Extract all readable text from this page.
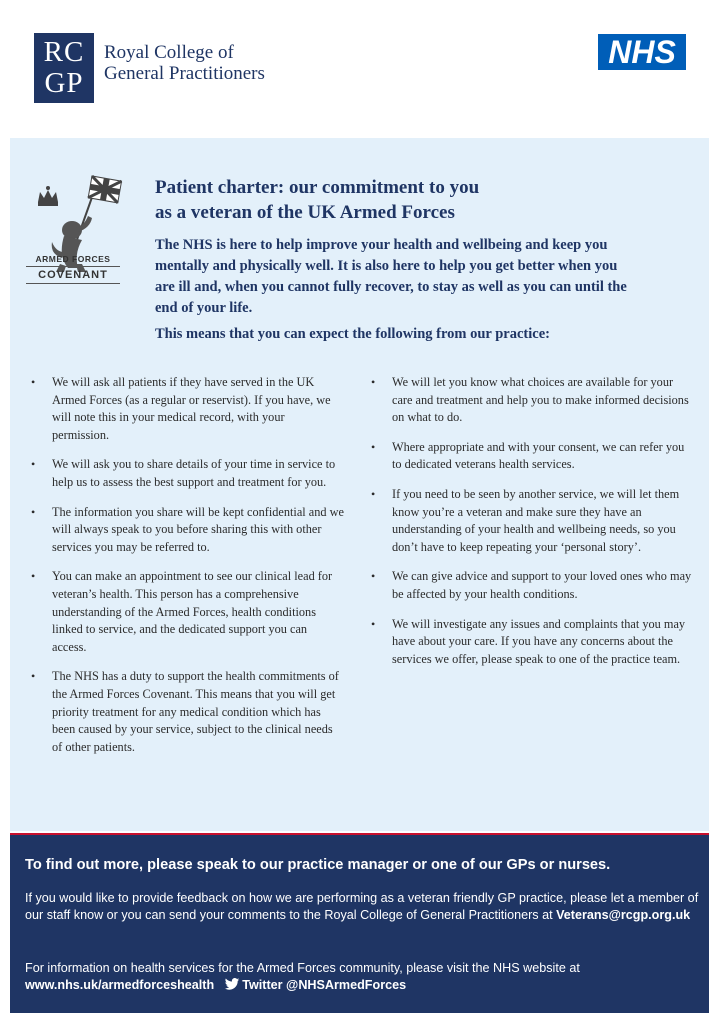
RC
GP
Royal College of
General Practitioners
NHS
ARMED FORCES
COVENANT
Patient charter: our commitment to you
as a veteran of the UK Armed Forces
The NHS is here to help improve your health and wellbeing and keep you mentally and physically well. It is also here to help you get better when you are ill and, when you cannot fully recover, to stay as well as you can until the end of your life.
This means that you can expect the following from our practice:
• We will ask all patients if they have served in the UK Armed Forces (as a regular or reservist). If you have, we will note this in your medical record, with your permission.
• We will ask you to share details of your time in service to help us to assess the best support and treatment for you.
• The information you share will be kept confidential and we will always speak to you before sharing this with other services you may be referred to.
• You can make an appointment to see our clinical lead for veteran’s health. This person has a comprehensive understanding of the Armed Forces, health conditions linked to service, and the dedicated support you can access.
• The NHS has a duty to support the health commitments of the Armed Forces Covenant. This means that you will get priority treatment for any medical condition which has been caused by your service, subject to the clinical needs of other patients.
• We will let you know what choices are available for your care and treatment and help you to make informed decisions on what to do.
• Where appropriate and with your consent, we can refer you to dedicated veterans health services.
• If you need to be seen by another service, we will let them know you’re a veteran and make sure they have an understanding of your health and wellbeing needs, so you don’t have to keep repeating your ‘personal story’.
• We can give advice and support to your loved ones who may be affected by your health conditions.
• We will investigate any issues and complaints that you may have about your care. If you have any concerns about the services we offer, please speak to one of the practice team.
To find out more, please speak to our practice manager or one of our GPs or nurses.
If you would like to provide feedback on how we are performing as a veteran friendly GP practice, please let a member of our staff know or you can send your comments to the Royal College of General Practitioners at Veterans@rcgp.org.uk
For information on health services for the Armed Forces community, please visit the NHS website at www.nhs.uk/armedforceshealth Twitter @NHSArmedForces
